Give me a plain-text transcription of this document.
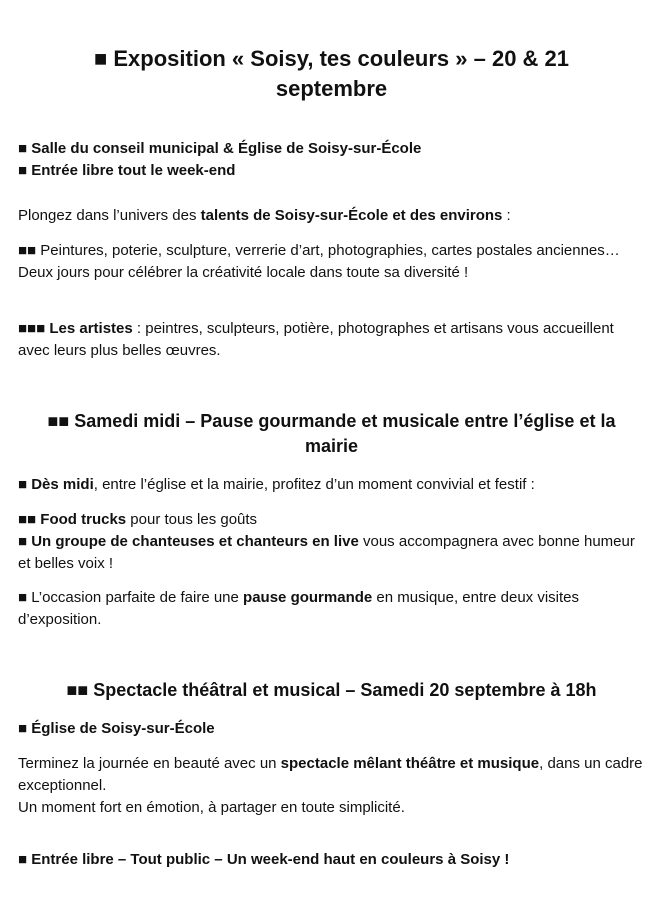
■ Exposition « Soisy, tes couleurs » – 20 & 21 septembre

■ Salle du conseil municipal & Église de Soisy-sur-École
■ Entrée libre tout le week-end

Plongez dans l’univers des talents de Soisy-sur-École et des environs :

■■ Peintures, poterie, sculpture, verrerie d’art, photographies, cartes postales anciennes…
Deux jours pour célébrer la créativité locale dans toute sa diversité !

■■■ Les artistes : peintres, sculpteurs, potière, photographes et artisans vous accueillent avec leurs plus belles œuvres.

■■ Samedi midi – Pause gourmande et musicale entre l’église et la mairie

■ Dès midi, entre l’église et la mairie, profitez d’un moment convivial et festif :

■■ Food trucks pour tous les goûts
■ Un groupe de chanteuses et chanteurs en live vous accompagnera avec bonne humeur et belles voix !

■ L’occasion parfaite de faire une pause gourmande en musique, entre deux visites d’exposition.

■■ Spectacle théâtral et musical – Samedi 20 septembre à 18h

■ Église de Soisy-sur-École

Terminez la journée en beauté avec un spectacle mêlant théâtre et musique, dans un cadre exceptionnel.
Un moment fort en émotion, à partager en toute simplicité.

■ Entrée libre – Tout public – Un week-end haut en couleurs à Soisy !
